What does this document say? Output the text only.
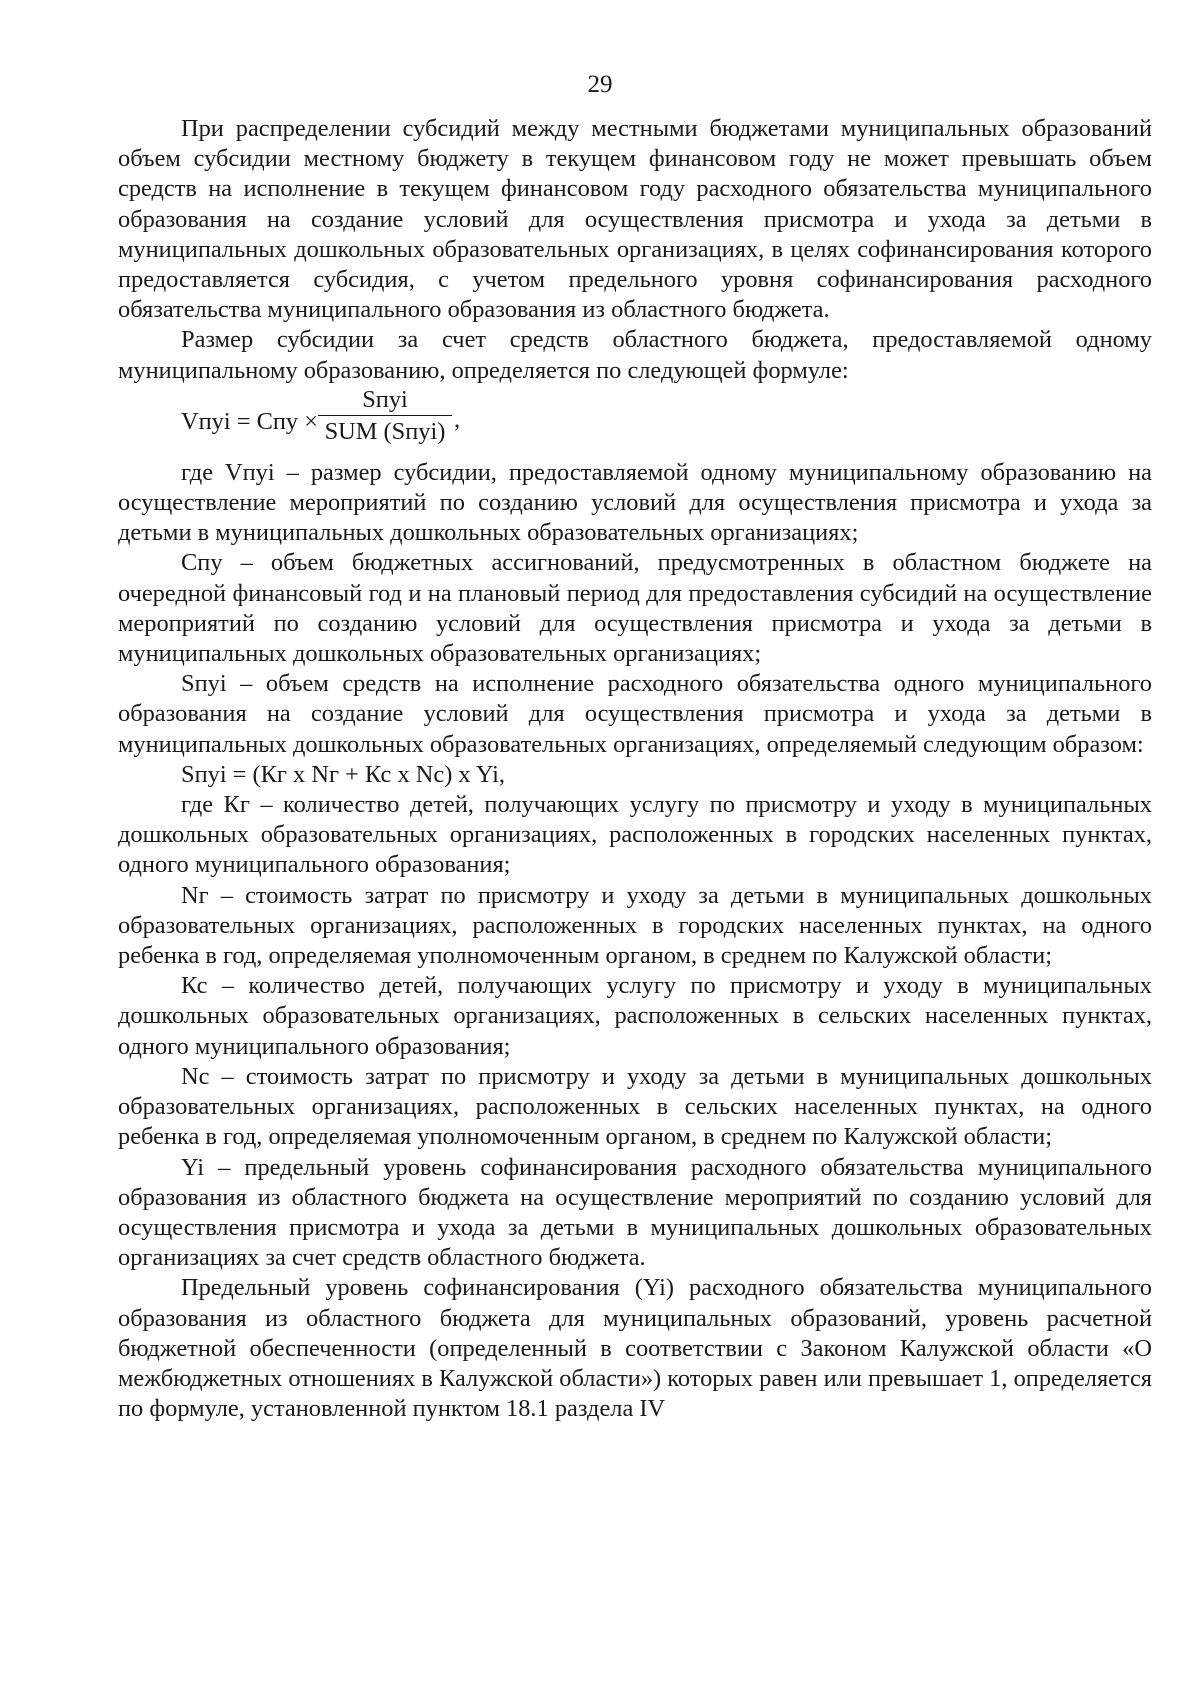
29

При распределении субсидий между местными бюджетами муниципальных образований объем субсидии местному бюджету в текущем финансовом году не может превышать объем средств на исполнение в текущем финансовом году расходного обязательства муниципального образования на создание условий для осуществления присмотра и ухода за детьми в муниципальных дошкольных образовательных организациях, в целях софинансирования которого предоставляется субсидия, с учетом предельного уровня софинансирования расходного обязательства муниципального образования из областного бюджета.

Размер субсидии за счет средств областного бюджета, предоставляемой одному муниципальному образованию, определяется по следующей формуле:

Vпуi = Спу ×
Sпуi
SUM (Sпуi) ,

где Vпуi – размер субсидии, предоставляемой одному муниципальному образованию на осуществление мероприятий по созданию условий для осуществления присмотра и ухода за детьми в муниципальных дошкольных образовательных организациях;

Спу – объем бюджетных ассигнований, предусмотренных в областном бюджете на очередной финансовый год и на плановый период для предоставления субсидий на осуществление мероприятий по созданию условий для осуществления присмотра и ухода за детьми в муниципальных дошкольных образовательных организациях;

Sпуi – объем средств на исполнение расходного обязательства одного муниципального образования на создание условий для осуществления присмотра и ухода за детьми в муниципальных дошкольных образовательных организациях, определяемый следующим образом:

Sпуi = (Кг x Nг + Кс x Nс) x Yi,

где Кг – количество детей, получающих услугу по присмотру и уходу в муниципальных дошкольных образовательных организациях, расположенных в городских населенных пунктах, одного муниципального образования;

Nг – стоимость затрат по присмотру и уходу за детьми в муниципальных дошкольных образовательных организациях, расположенных в городских населенных пунктах, на одного ребенка в год, определяемая уполномоченным органом, в среднем по Калужской области;

Кс – количество детей, получающих услугу по присмотру и уходу в муниципальных дошкольных образовательных организациях, расположенных в сельских населенных пунктах, одного муниципального образования;

Nс – стоимость затрат по присмотру и уходу за детьми в муниципальных дошкольных образовательных организациях, расположенных в сельских населенных пунктах, на одного ребенка в год, определяемая уполномоченным органом, в среднем по Калужской области;

Yi – предельный уровень софинансирования расходного обязательства муниципального образования из областного бюджета на осуществление мероприятий по созданию условий для осуществления присмотра и ухода за детьми в муниципальных дошкольных образовательных организациях за счет средств областного бюджета.

Предельный уровень софинансирования (Yi) расходного обязательства муниципального образования из областного бюджета для муниципальных образований, уровень расчетной бюджетной обеспеченности (определенный в соответствии с Законом Калужской области «О межбюджетных отношениях в Калужской области») которых равен или превышает 1, определяется по формуле, установленной пунктом 18.1 раздела IV
